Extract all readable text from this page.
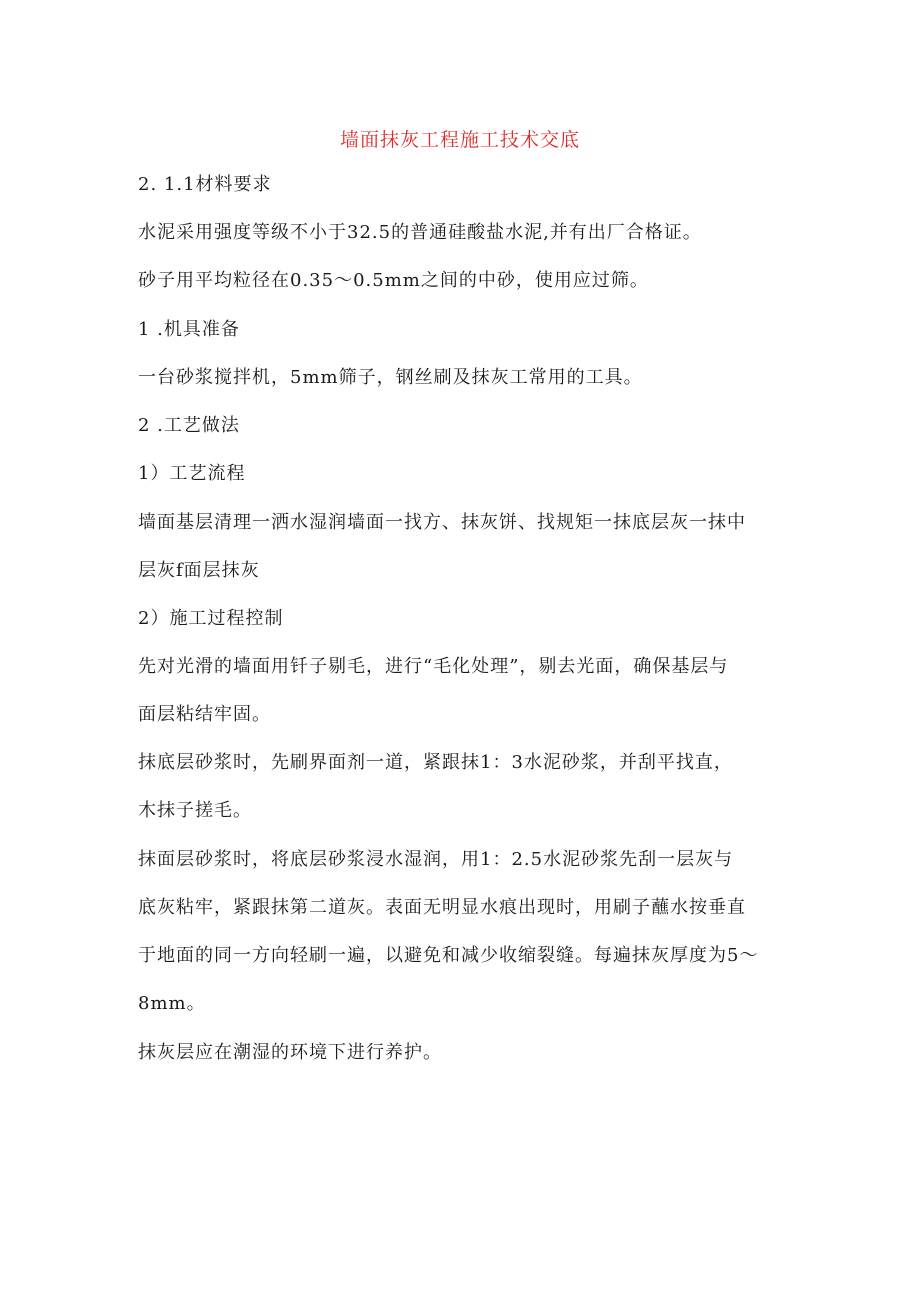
墙面抹灰工程施工技术交底
2. 1.1材料要求
水泥采用强度等级不小于32.5的普通硅酸盐水泥,并有出厂合格证。
砂子用平均粒径在0.35～0.5mm之间的中砂，使用应过筛。
1 .机具准备
一台砂浆搅拌机，5mm筛子，钢丝刷及抹灰工常用的工具。
2 .工艺做法
1）工艺流程
墙面基层清理一洒水湿润墙面一找方、抹灰饼、找规矩一抹底层灰一抹中
层灰f面层抹灰
2）施工过程控制
先对光滑的墙面用钎子剔毛，进行“毛化处理”，剔去光面，确保基层与
面层粘结牢固。
抹底层砂浆时，先刷界面剂一道，紧跟抹1：3水泥砂浆，并刮平找直，
木抹子搓毛。
抹面层砂浆时，将底层砂浆浸水湿润，用1：2.5水泥砂浆先刮一层灰与
底灰粘牢，紧跟抹第二道灰。表面无明显水痕出现时，用刷子蘸水按垂直
于地面的同一方向轻刷一遍，以避免和减少收缩裂缝。每遍抹灰厚度为5～
8mm。
抹灰层应在潮湿的环境下进行养护。
